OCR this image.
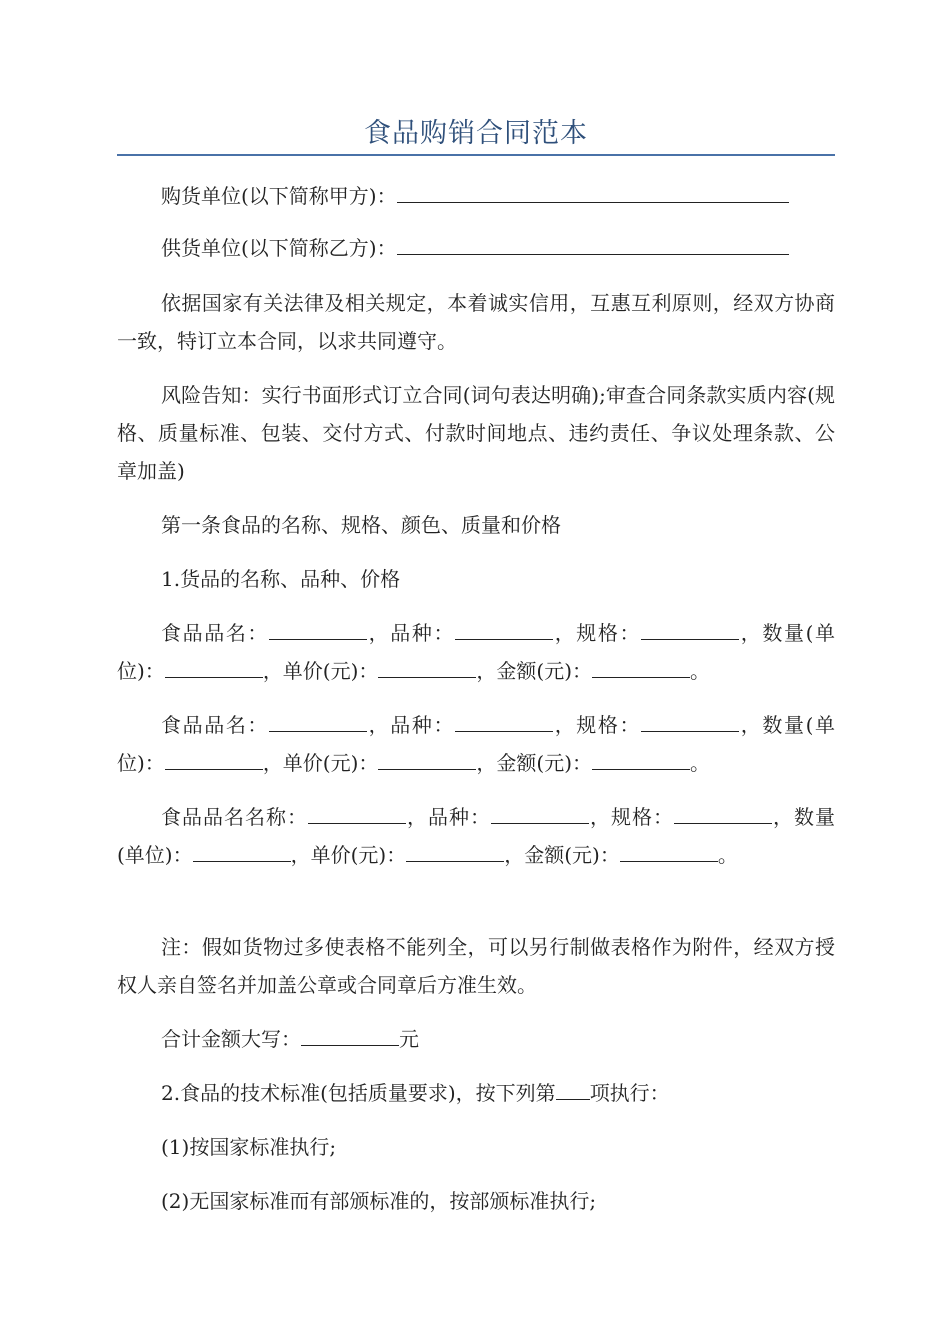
食品购销合同范本

购货单位(以下简称甲方)：

供货单位(以下简称乙方)：

依据国家有关法律及相关规定，本着诚实信用，互惠互利原则，经双方协商一致，特订立本合同，以求共同遵守。

风险告知：实行书面形式订立合同(词句表达明确);审查合同条款实质内容(规格、质量标准、包装、交付方式、付款时间地点、违约责任、争议处理条款、公章加盖)

第一条食品的名称、规格、颜色、质量和价格

1.货品的名称、品种、价格

食品品名：	，品种：	，规格：	，数量(单位)：	，单价(元)：	，金额(元)：	。

食品品名：	，品种：	，规格：	，数量(单位)：	，单价(元)：	，金额(元)：	。

食品品名名称：	，品种：	，规格：	，数量(单位)：	，单价(元)：	，金额(元)：	。

注：假如货物过多使表格不能列全，可以另行制做表格作为附件，经双方授权人亲自签名并加盖公章或合同章后方准生效。

合计金额大写：	元

2.食品的技术标准(包括质量要求)，按下列第 项执行：

(1)按国家标准执行;

(2)无国家标准而有部颁标准的，按部颁标准执行;
